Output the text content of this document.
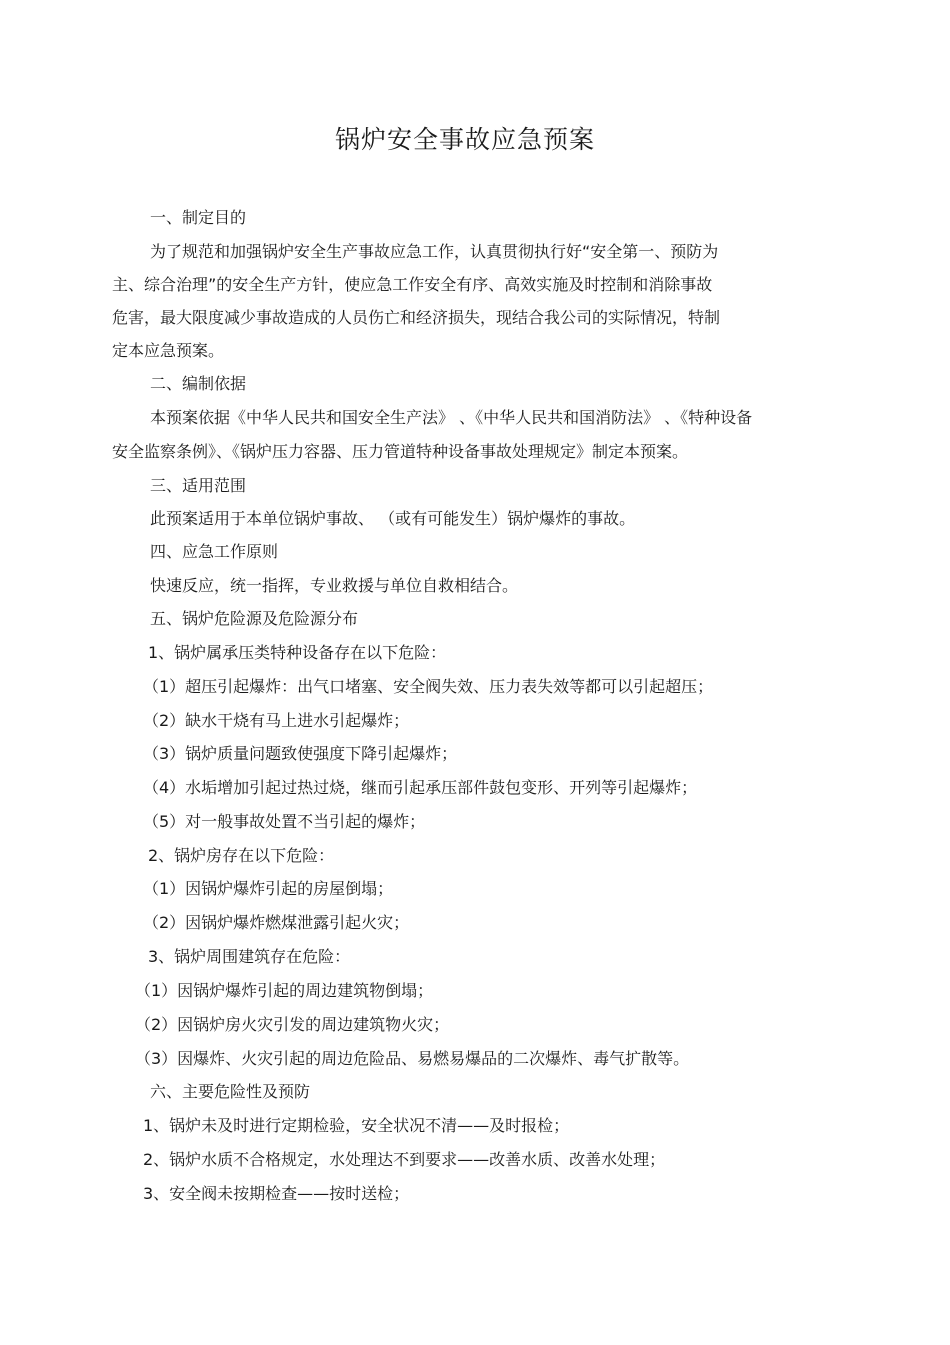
锅炉安全事故应急预案
一、制定目的
为了规范和加强锅炉安全生产事故应急工作，认真贯彻执行好“安全第一、预防为
主、综合治理”的安全生产方针，使应急工作安全有序、高效实施及时控制和消除事故
危害，最大限度减少事故造成的人员伤亡和经济损失，现结合我公司的实际情况，特制
定本应急预案。
二、编制依据
本预案依据《中华人民共和国安全生产法》 、《中华人民共和国消防法》 、《特种设备
安全监察条例》、《锅炉压力容器、压力管道特种设备事故处理规定》制定本预案。
三、适用范围
此预案适用于本单位锅炉事故、 （或有可能发生）锅炉爆炸的事故。
四、应急工作原则
快速反应，统一指挥，专业救援与单位自救相结合。
五、锅炉危险源及危险源分布
1、锅炉属承压类特种设备存在以下危险：
（1）超压引起爆炸：出气口堵塞、安全阀失效、压力表失效等都可以引起超压；
（2）缺水干烧有马上进水引起爆炸；
（3）锅炉质量问题致使强度下降引起爆炸；
（4）水垢增加引起过热过烧，继而引起承压部件鼓包变形、开列等引起爆炸；
（5）对一般事故处置不当引起的爆炸；
2、锅炉房存在以下危险：
（1）因锅炉爆炸引起的房屋倒塌；
（2）因锅炉爆炸燃煤泄露引起火灾；
3、锅炉周围建筑存在危险：
（1）因锅炉爆炸引起的周边建筑物倒塌；
（2）因锅炉房火灾引发的周边建筑物火灾；
（3）因爆炸、火灾引起的周边危险品、易燃易爆品的二次爆炸、毒气扩散等。
六、主要危险性及预防
1、锅炉未及时进行定期检验，安全状况不清——及时报检；
2、锅炉水质不合格规定，水处理达不到要求——改善水质、改善水处理；
3、安全阀未按期检查——按时送检；
